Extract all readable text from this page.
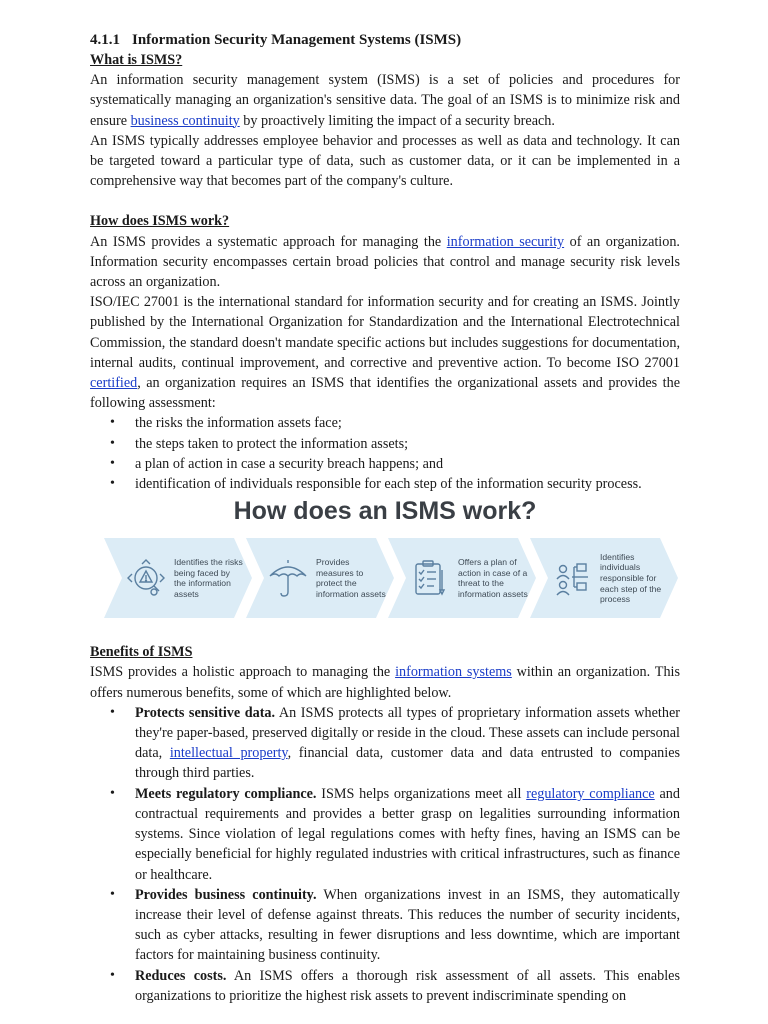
4.1.1 Information Security Management Systems (ISMS)
What is ISMS?

An information security management system (ISMS) is a set of policies and procedures for systematically managing an organization's sensitive data. The goal of an ISMS is to minimize risk and ensure business continuity by proactively limiting the impact of a security breach.

An ISMS typically addresses employee behavior and processes as well as data and technology. It can be targeted toward a particular type of data, such as customer data, or it can be implemented in a comprehensive way that becomes part of the company's culture.

How does ISMS work?

An ISMS provides a systematic approach for managing the information security of an organization. Information security encompasses certain broad policies that control and manage security risk levels across an organization.

ISO/IEC 27001 is the international standard for information security and for creating an ISMS. Jointly published by the International Organization for Standardization and the International Electrotechnical Commission, the standard doesn't mandate specific actions but includes suggestions for documentation, internal audits, continual improvement, and corrective and preventive action. To become ISO 27001 certified, an organization requires an ISMS that identifies the organizational assets and provides the following assessment:

• the risks the information assets face;
• the steps taken to protect the information assets;
• a plan of action in case a security breach happens; and
• identification of individuals responsible for each step of the information security process.
How does an ISMS work?
Identifies the risks being faced by the information assets
Provides measures to protect the information assets
Offers a plan of action in case of a threat to the information assets
Identifies individuals responsible for each step of the process
Benefits of ISMS

ISMS provides a holistic approach to managing the information systems within an organization. This offers numerous benefits, some of which are highlighted below.

• Protects sensitive data. An ISMS protects all types of proprietary information assets whether they're paper-based, preserved digitally or reside in the cloud. These assets can include personal data, intellectual property, financial data, customer data and data entrusted to companies through third parties.
• Meets regulatory compliance. ISMS helps organizations meet all regulatory compliance and contractual requirements and provides a better grasp on legalities surrounding information systems. Since violation of legal regulations comes with hefty fines, having an ISMS can be especially beneficial for highly regulated industries with critical infrastructures, such as finance or healthcare.
• Provides business continuity. When organizations invest in an ISMS, they automatically increase their level of defense against threats. This reduces the number of security incidents, such as cyber attacks, resulting in fewer disruptions and less downtime, which are important factors for maintaining business continuity.
• Reduces costs. An ISMS offers a thorough risk assessment of all assets. This enables organizations to prioritize the highest risk assets to prevent indiscriminate spending on
